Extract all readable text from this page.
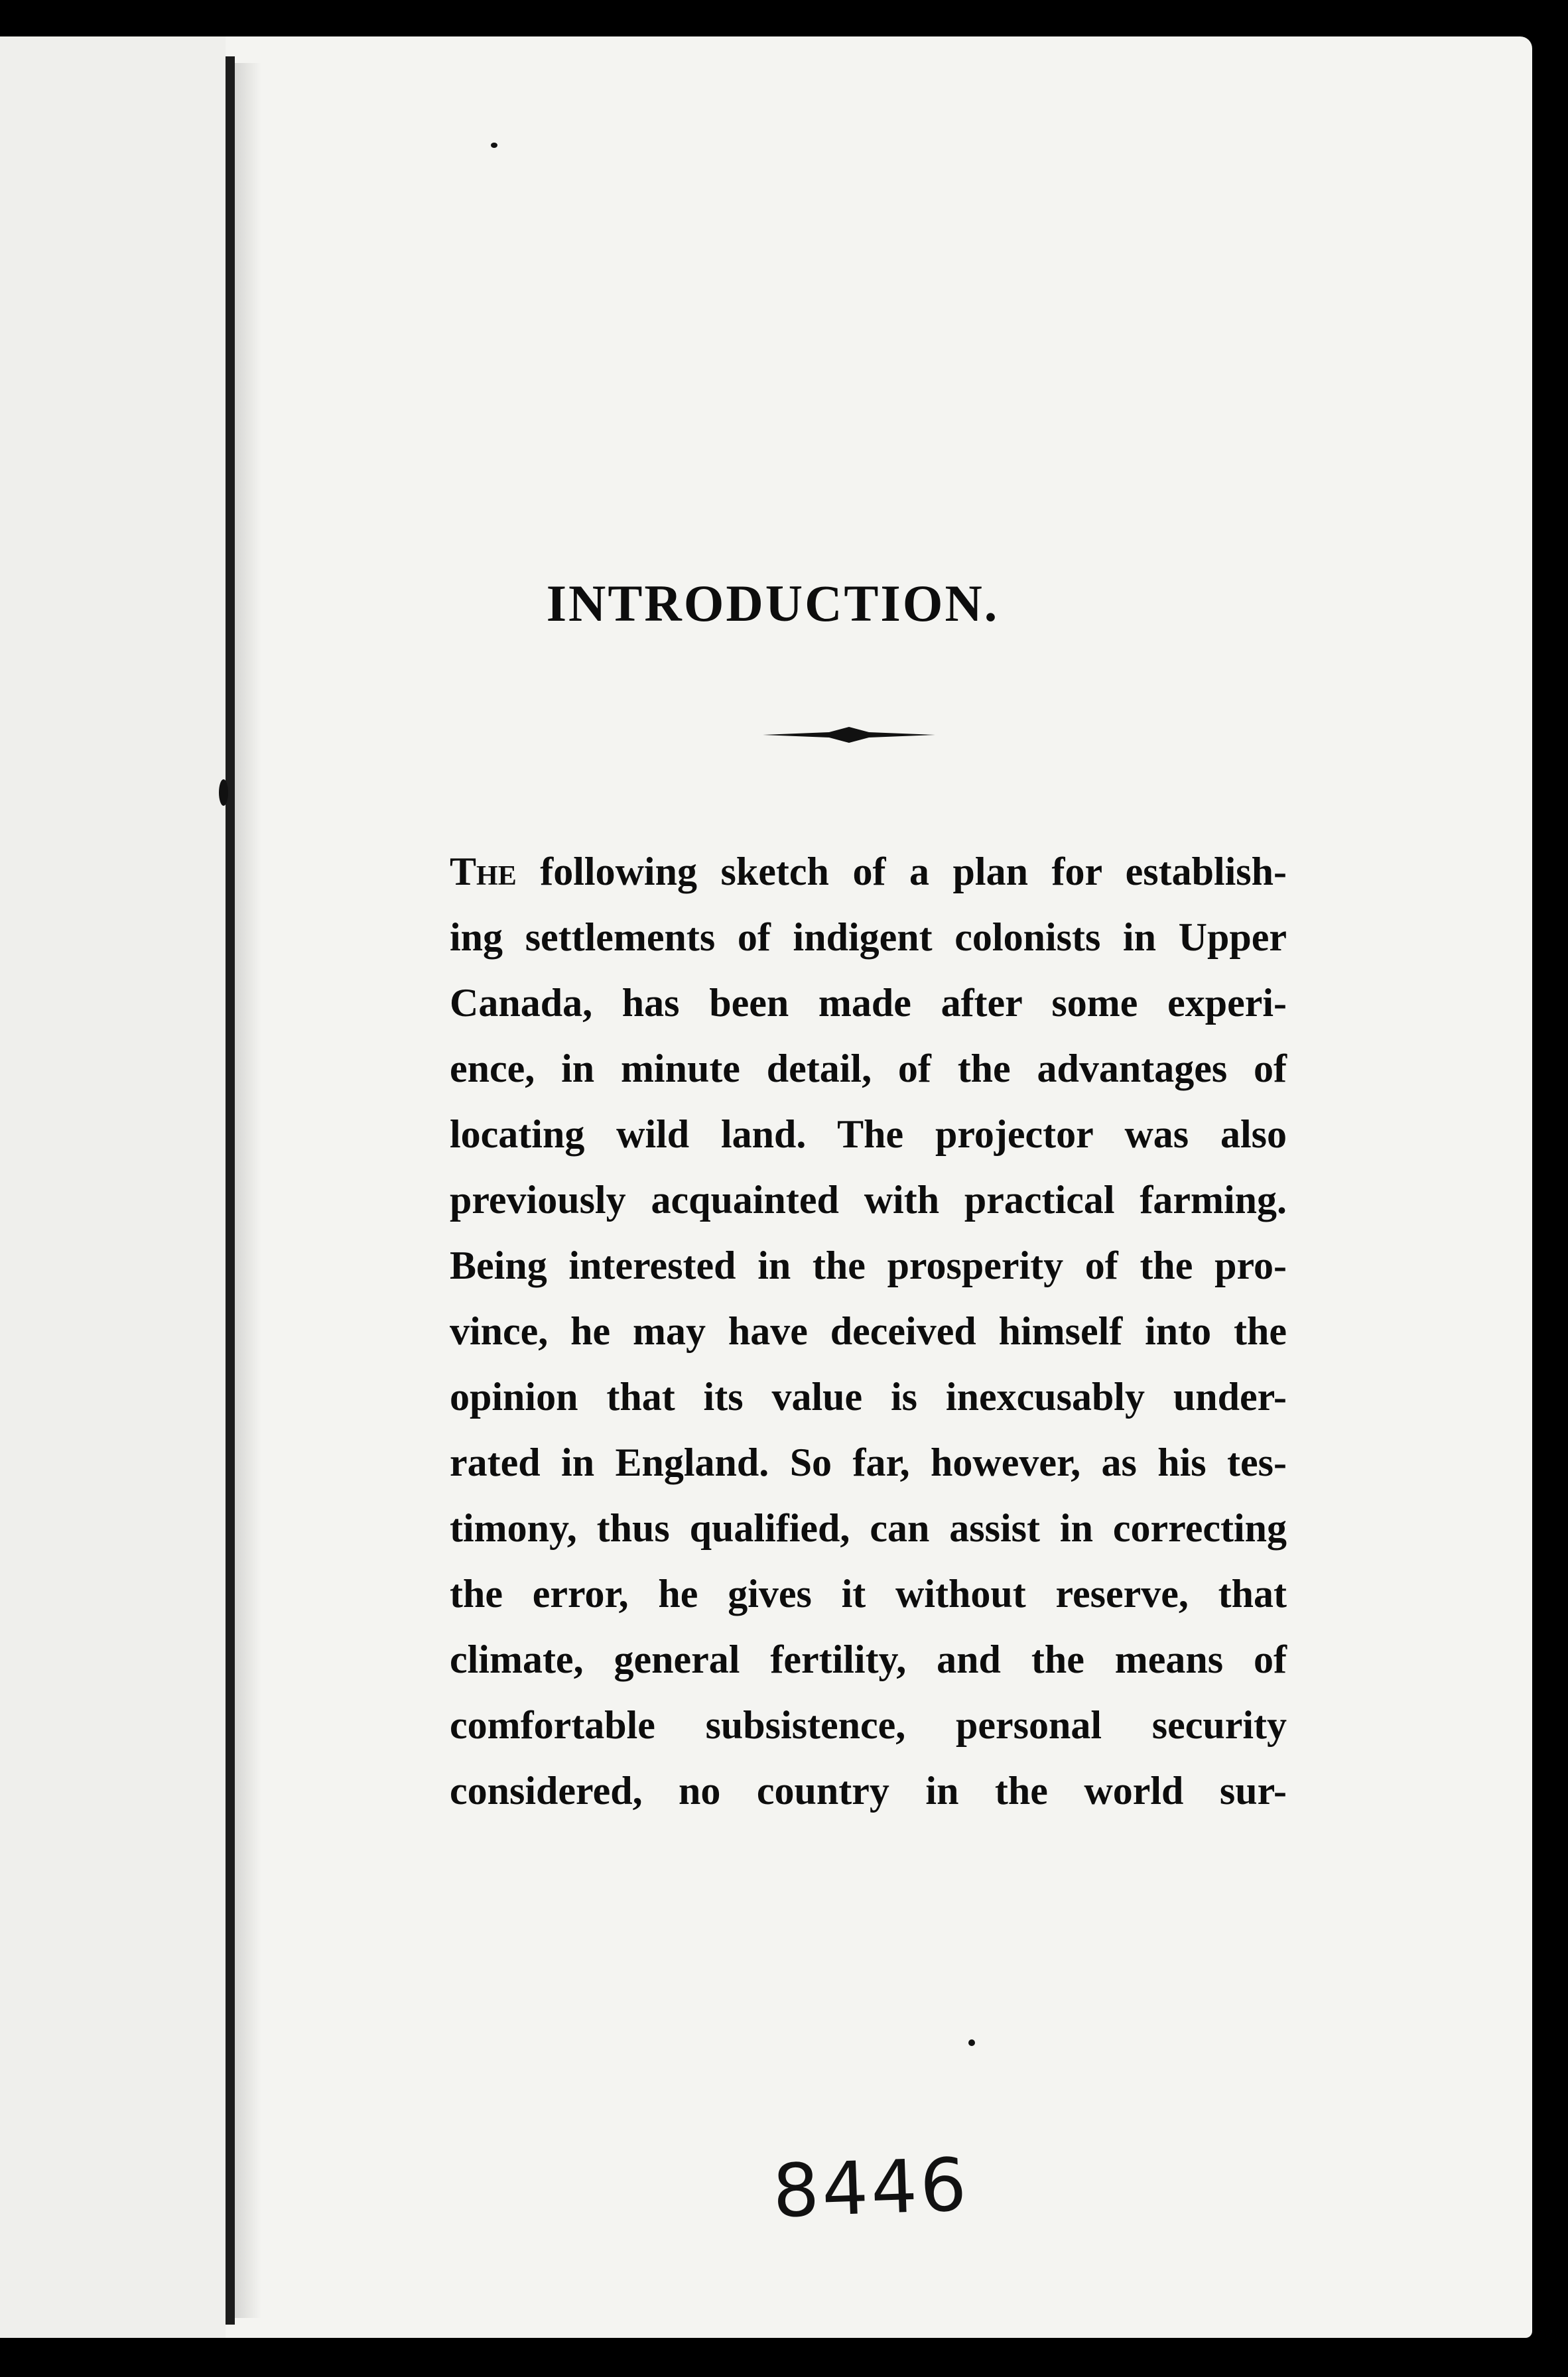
INTRODUCTION.
The following sketch of a plan for establish-
ing settlements of indigent colonists in Upper
Canada, has been made after some experi-
ence, in minute detail, of the advantages of
locating wild land. The projector was also
previously acquainted with practical farming.
Being interested in the prosperity of the pro-
vince, he may have deceived himself into the
opinion that its value is inexcusably under-
rated in England. So far, however, as his tes-
timony, thus qualified, can assist in correcting
the error, he gives it without reserve, that
climate, general fertility, and the means of
comfortable subsistence, personal security
considered, no country in the world sur-
8446
